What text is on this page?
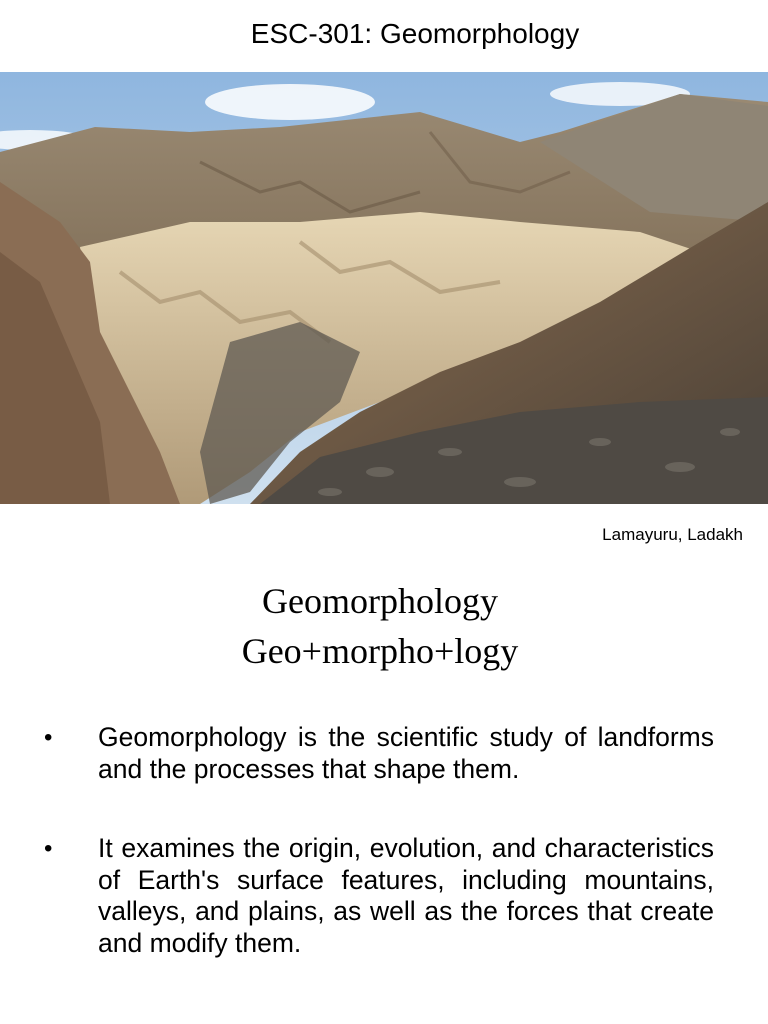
ESC-301: Geomorphology
Lamayuru, Ladakh
Geomorphology
Geo+morpho+logy
• Geomorphology is the scientific study of landforms and the processes that shape them.
• It examines the origin, evolution, and characteristics of Earth's surface features, including mountains, valleys, and plains, as well as the forces that create and modify them.
